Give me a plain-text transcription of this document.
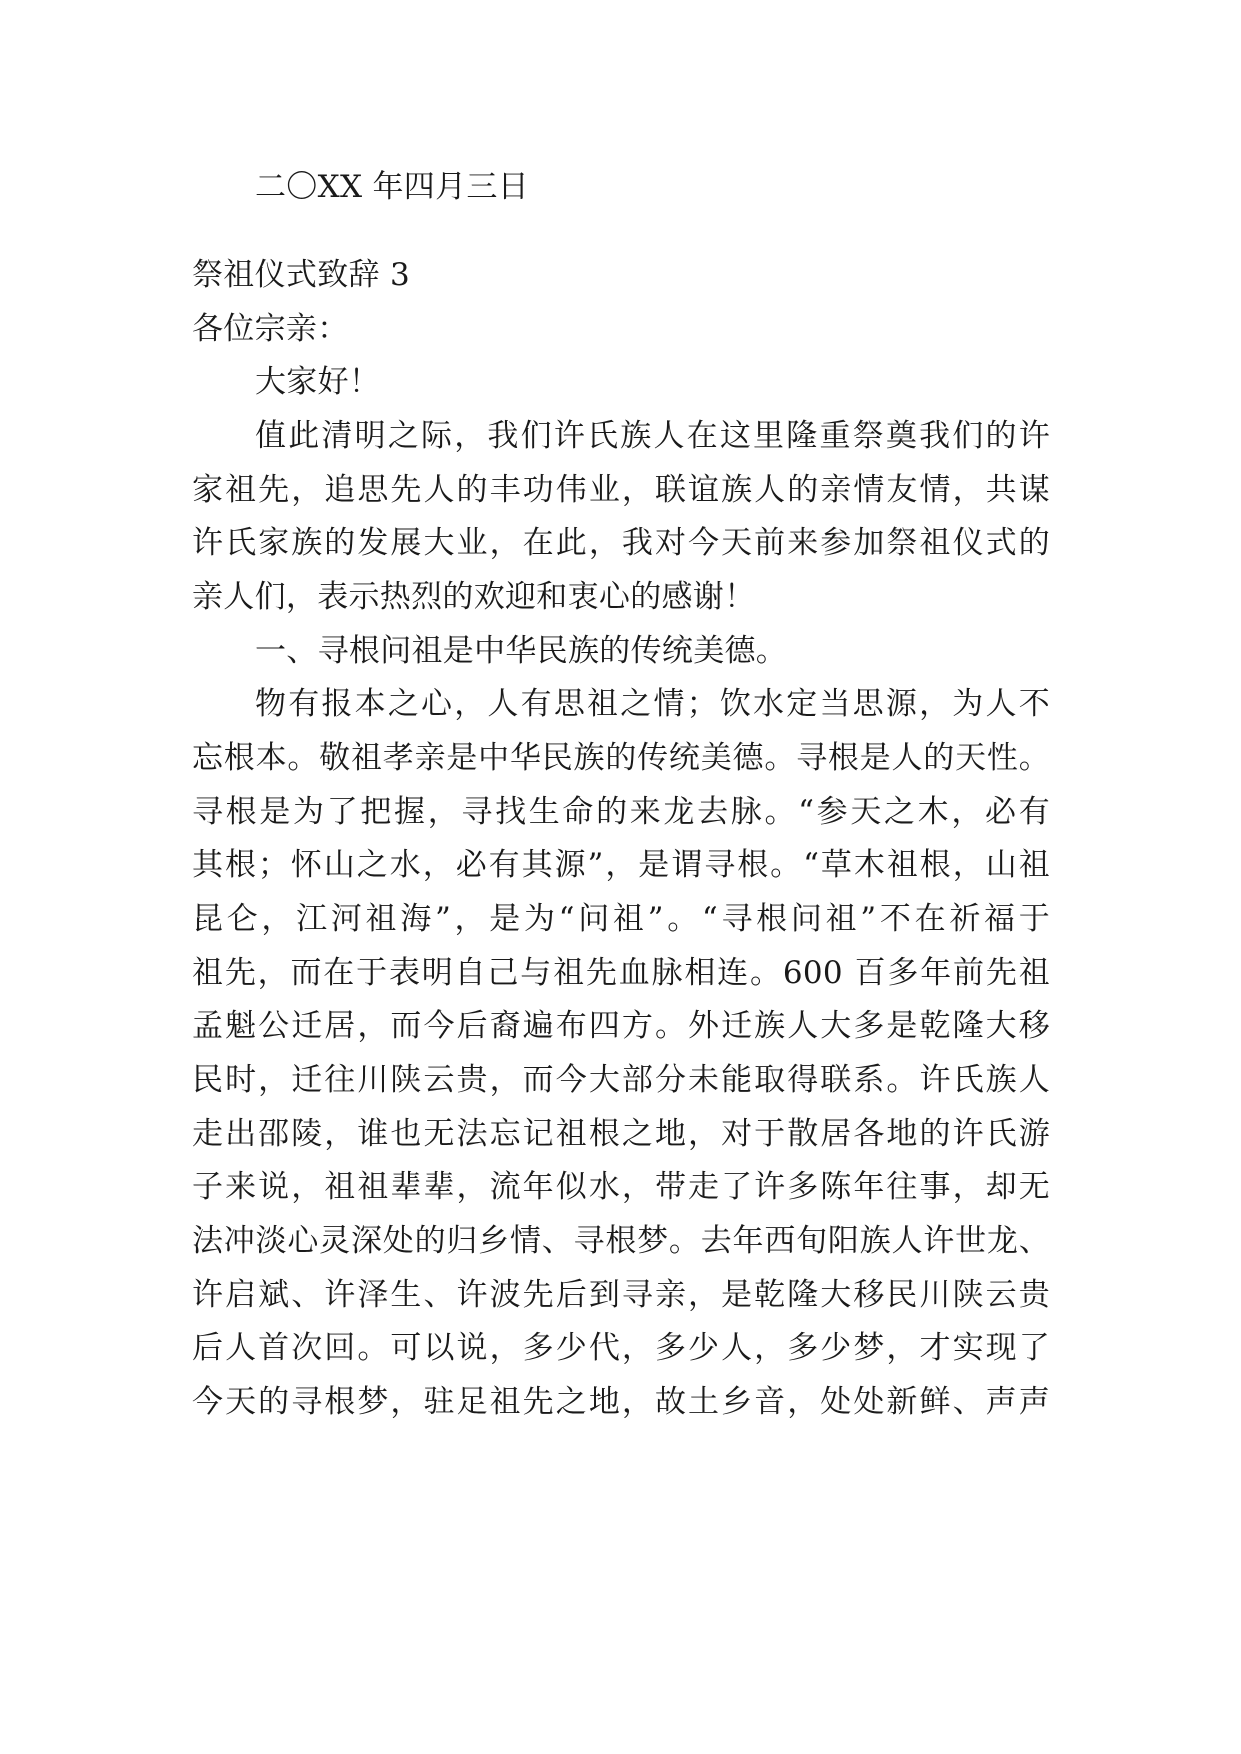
二〇XX 年四月三日
祭祖仪式致辞 3
各位宗亲：
大家好！
值此清明之际，我们许氏族人在这里隆重祭奠我们的许
家祖先，追思先人的丰功伟业，联谊族人的亲情友情，共谋
许氏家族的发展大业，在此，我对今天前来参加祭祖仪式的
亲人们，表示热烈的欢迎和衷心的感谢！
一、寻根问祖是中华民族的传统美德。
物有报本之心，人有思祖之情；饮水定当思源，为人不
忘根本。敬祖孝亲是中华民族的传统美德。寻根是人的天性。
寻根是为了把握，寻找生命的来龙去脉。“参天之木，必有
其根；怀山之水，必有其源”，是谓寻根。“草木祖根，山祖
昆仑，江河祖海”，是为“问祖”。“寻根问祖”不在祈福于
祖先，而在于表明自己与祖先血脉相连。600 百多年前先祖
孟魁公迁居，而今后裔遍布四方。外迁族人大多是乾隆大移
民时，迁往川陕云贵，而今大部分未能取得联系。许氏族人
走出邵陵，谁也无法忘记祖根之地，对于散居各地的许氏游
子来说，祖祖辈辈，流年似水，带走了许多陈年往事，却无
法冲淡心灵深处的归乡情、寻根梦。去年西旬阳族人许世龙、
许启斌、许泽生、许波先后到寻亲，是乾隆大移民川陕云贵
后人首次回。可以说，多少代，多少人，多少梦，才实现了
今天的寻根梦，驻足祖先之地，故土乡音，处处新鲜、声声
